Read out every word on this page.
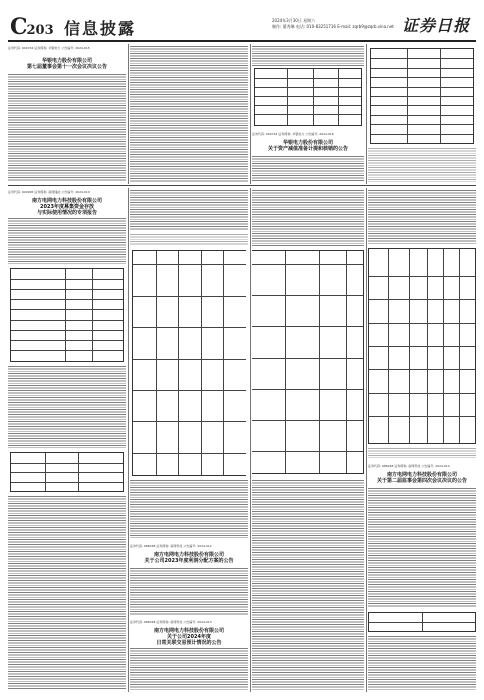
C203 信息披露	2024年3月30日 星期六
制作: 董秀琳 电话: 010-83251716 E-mail: zqrb9@zqrb.sina.net 证券日报
证券代码: 600744 证券简称: 华银电力 公告编号: 2024-015
华银电力股份有限公司
第七届董事会第十一次会议决议公告
证券代码: 600744 证券简称: 华银电力 公告编号: 2024-016
华银电力股份有限公司
关于资产减值准备计提和核销的公告
证券代码: 600995 证券简称: 南网储能 公告编号: 2024-010
南方电网电力科技股份有限公司
2023年度募集资金存放
与实际使用情况的专项报告
证券代码: 688248 证券简称: 南网科技 公告编号: 2024-012
南方电网电力科技股份有限公司
关于公司2023年度利润分配方案的公告
证券代码: 688248 证券简称: 南网科技 公告编号: 2024-013
南方电网电力科技股份有限公司
关于公司2024年度
日常关联交易预计情况的公告
证券代码: 688248 证券简称: 南网科技 公告编号: 2024-014
南方电网电力科技股份有限公司
关于第二届监事会第四次会议决议的公告
